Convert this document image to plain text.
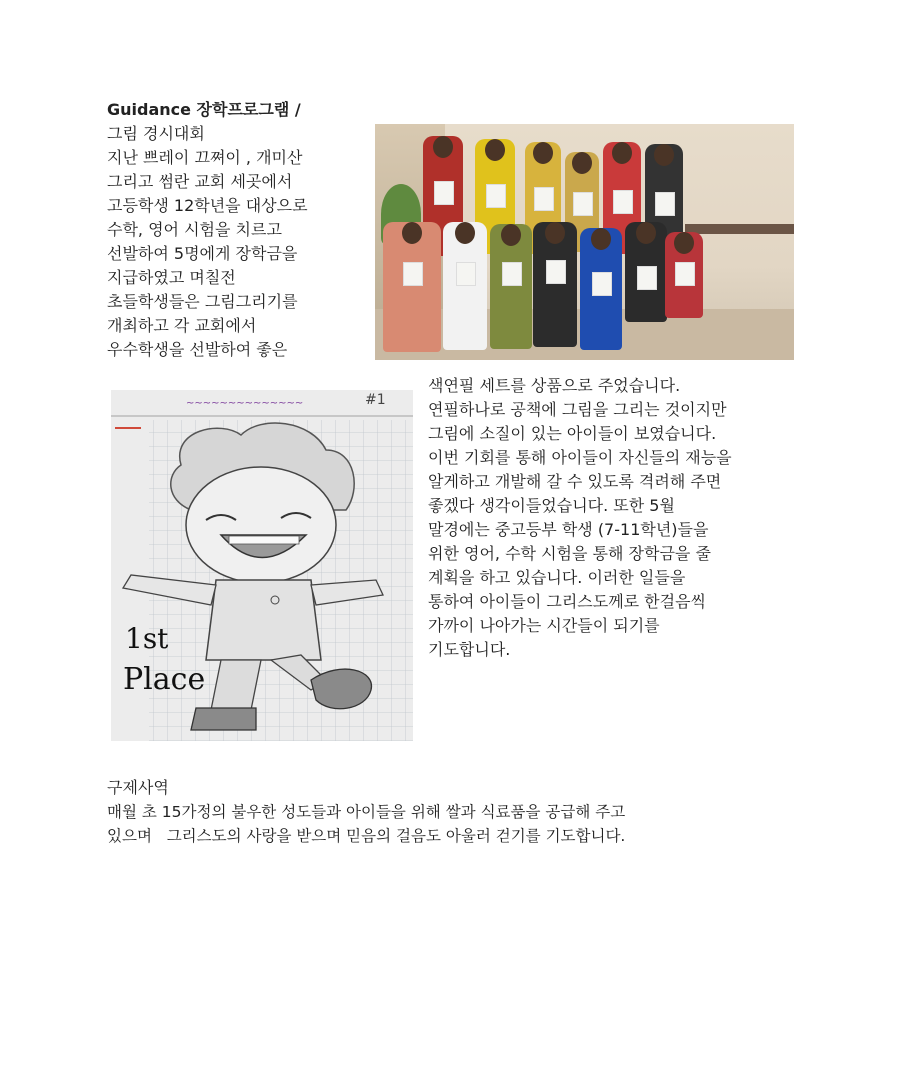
Guidance 장학프로그램 /
그림 경시대회
지난 쁘레이 끄쪄이 , 개미산
그리고 썸란 교회 세곳에서
고등학생 12학년을 대상으로
수학, 영어 시험을 치르고
선발하여 5명에게 장학금을
지급하였고 며칠전
초들학생들은 그림그리기를
개최하고 각 교회에서
우수학생을 선발하여 좋은
~~~~~~~~~~~~~~	#1
1st
Place
색연필 세트를 상품으로 주었습니다.
연필하나로 공책에 그림을 그리는 것이지만
그림에 소질이 있는 아이들이 보였습니다.
이번 기회를 통해 아이들이 자신들의 재능을
알게하고 개발해 갈 수 있도록 격려해 주면
좋겠다 생각이들었습니다. 또한 5월
말경에는 중고등부 학생 (7-11학년)들을
위한 영어, 수학 시험을 통해 장학금을 줄
계획을 하고 있습니다. 이러한 일들을
통하여 아이들이 그리스도께로 한걸음씩
가까이 나아가는 시간들이 되기를
기도합니다.
구제사역
매월 초 15가정의 불우한 성도들과 아이들을 위해 쌀과 식료품을 공급해 주고
있으며   그리스도의 사랑을 받으며 믿음의 걸음도 아울러 걷기를 기도합니다.
